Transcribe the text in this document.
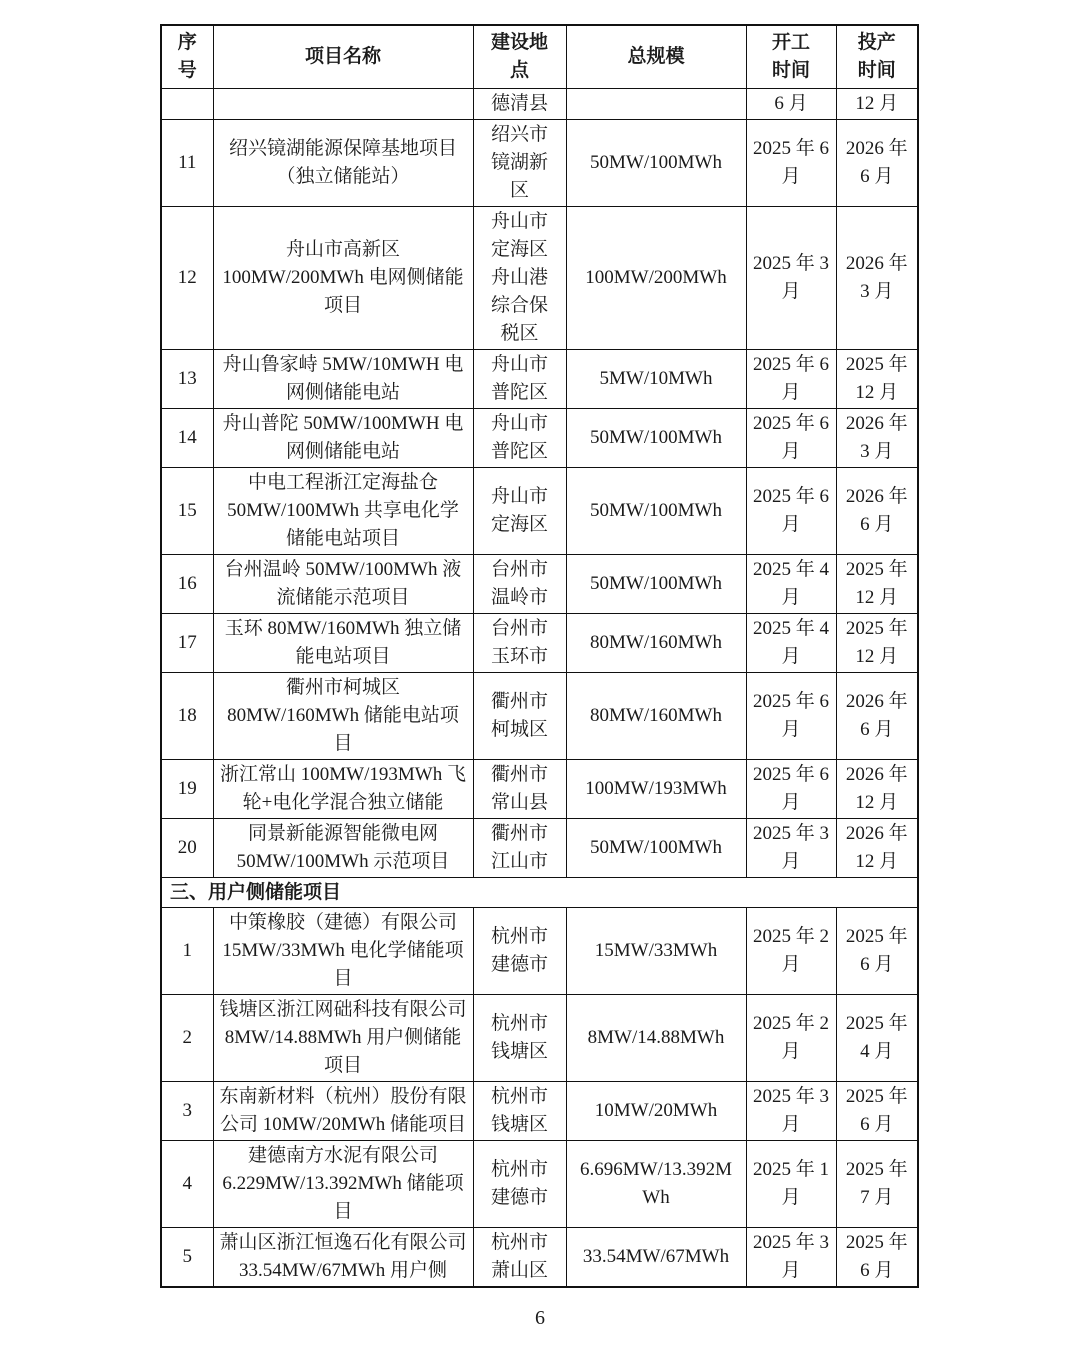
序号	项目名称	建设地点	总规模	开工时间	投产时间
		德清县		6 月	12 月
11	绍兴镜湖能源保障基地项目（独立储能站）	绍兴市镜湖新区	50MW/100MWh	2025 年 6 月	2026 年 6 月
12	舟山市高新区 100MW/200MWh 电网侧储能项目	舟山市定海区舟山港综合保税区	100MW/200MWh	2025 年 3 月	2026 年 3 月
13	舟山鲁家峙 5MW/10MWH 电网侧储能电站	舟山市普陀区	5MW/10MWh	2025 年 6 月	2025 年 12 月
14	舟山普陀 50MW/100MWH 电网侧储能电站	舟山市普陀区	50MW/100MWh	2025 年 6 月	2026 年 3 月
15	中电工程浙江定海盐仓 50MW/100MWh 共享电化学储能电站项目	舟山市定海区	50MW/100MWh	2025 年 6 月	2026 年 6 月
16	台州温岭 50MW/100MWh 液流储能示范项目	台州市温岭市	50MW/100MWh	2025 年 4 月	2025 年 12 月
17	玉环 80MW/160MWh 独立储能电站项目	台州市玉环市	80MW/160MWh	2025 年 4 月	2025 年 12 月
18	衢州市柯城区 80MW/160MWh 储能电站项目	衢州市柯城区	80MW/160MWh	2025 年 6 月	2026 年 6 月
19	浙江常山 100MW/193MWh 飞轮+电化学混合独立储能	衢州市常山县	100MW/193MWh	2025 年 6 月	2026 年 12 月
20	同景新能源智能微电网 50MW/100MWh 示范项目	衢州市江山市	50MW/100MWh	2025 年 3 月	2026 年 12 月
三、用户侧储能项目					
1	中策橡胶（建德）有限公司 15MW/33MWh 电化学储能项目	杭州市建德市	15MW/33MWh	2025 年 2 月	2025 年 6 月
2	钱塘区浙江网础科技有限公司 8MW/14.88MWh 用户侧储能项目	杭州市钱塘区	8MW/14.88MWh	2025 年 2 月	2025 年 4 月
3	东南新材料（杭州）股份有限公司 10MW/20MWh 储能项目	杭州市钱塘区	10MW/20MWh	2025 年 3 月	2025 年 6 月
4	建德南方水泥有限公司 6.229MW/13.392MWh 储能项目	杭州市建德市	6.696MW/13.392MWh	2025 年 1 月	2025 年 7 月
5	萧山区浙江恒逸石化有限公司 33.54MW/67MWh 用户侧	杭州市萧山区	33.54MW/67MWh	2025 年 3 月	2025 年 6 月
6
